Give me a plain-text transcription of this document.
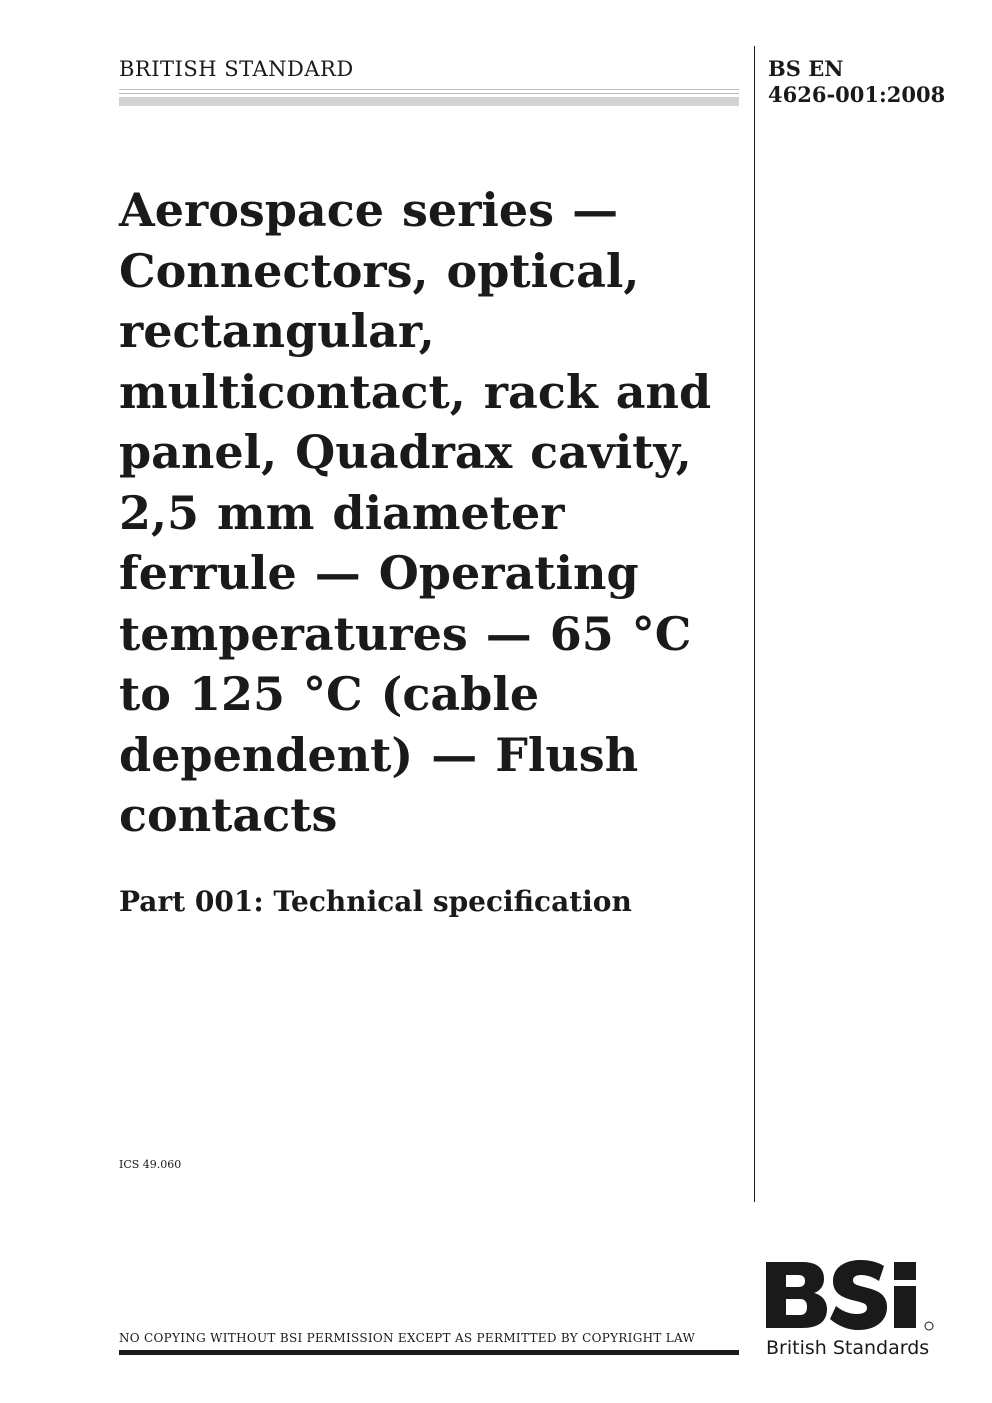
BRITISH STANDARD	BS EN
4626-001:2008
Aerospace series — Connectors, optical, rectangular, multicontact, rack and panel, Quadrax cavity, 2,5 mm diameter ferrule — Operating temperatures — 65 °C to 125 °C (cable dependent) — Flush contacts
Part 001: Technical specification
ICS 49.060
NO COPYING WITHOUT BSI PERMISSION EXCEPT AS PERMITTED BY COPYRIGHT LAW	British Standards
